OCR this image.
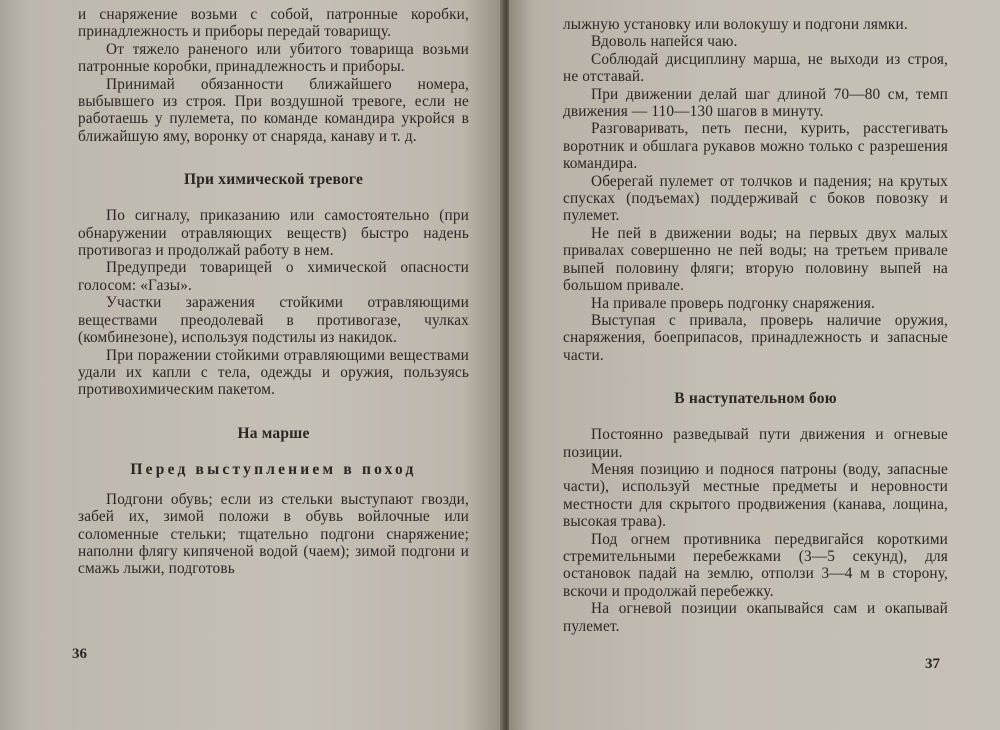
и снаряжение возьми с собой, патронные коробки, принадлежность и приборы передай товарищу.

От тяжело раненого или убитого товарища возьми патронные коробки, принадлежность и приборы.

Принимай обязанности ближайшего номера, выбывшего из строя. При воздушной тревоге, если не работаешь у пулемета, по команде командира укройся в ближайшую яму, воронку от снаряда, канаву и т. д.

При химической тревоге

По сигналу, приказанию или самостоятельно (при обнаружении отравляющих веществ) быстро надень противогаз и продолжай работу в нем.

Предупреди товарищей о химической опасности голосом: «Газы».

Участки заражения стойкими отравляющими веществами преодолевай в противогазе, чулках (комбинезоне), используя подстилы из накидок.

При поражении стойкими отравляющими веществами удали их капли с тела, одежды и оружия, пользуясь противохимическим пакетом.

На марше
Перед выступлением в поход

Подгони обувь; если из стельки выступают гвозди, забей их, зимой положи в обувь войлочные или соломенные стельки; тщательно подгони снаряжение; наполни флягу кипяченой водой (чаем); зимой подгони и смажь лыжи, подготовь

36

лыжную установку или волокушу и подгони лямки.

Вдоволь напейся чаю.

Соблюдай дисциплину марша, не выходи из строя, не отставай.

При движении делай шаг длиной 70—80 см, темп движения — 110—130 шагов в минуту.

Разговаривать, петь песни, курить, расстегивать воротник и обшлага рукавов можно только с разрешения командира.

Оберегай пулемет от толчков и падения; на крутых спусках (подъемах) поддерживай с боков повозку и пулемет.

Не пей в движении воды; на первых двух малых привалах совершенно не пей воды; на третьем привале выпей половину фляги; вторую половину выпей на большом привале.

На привале проверь подгонку снаряжения.

Выступая с привала, проверь наличие оружия, снаряжения, боеприпасов, принадлежность и запасные части.

В наступательном бою

Постоянно разведывай пути движения и огневые позиции.

Меняя позицию и поднося патроны (воду, запасные части), используй местные предметы и неровности местности для скрытого продвижения (канава, лощина, высокая трава).

Под огнем противника передвигайся короткими стремительными перебежками (3—5 секунд), для остановок падай на землю, отползи 3—4 м в сторону, вскочи и продолжай перебежку.

На огневой позиции окапывайся сам и окапывай пулемет.

37
